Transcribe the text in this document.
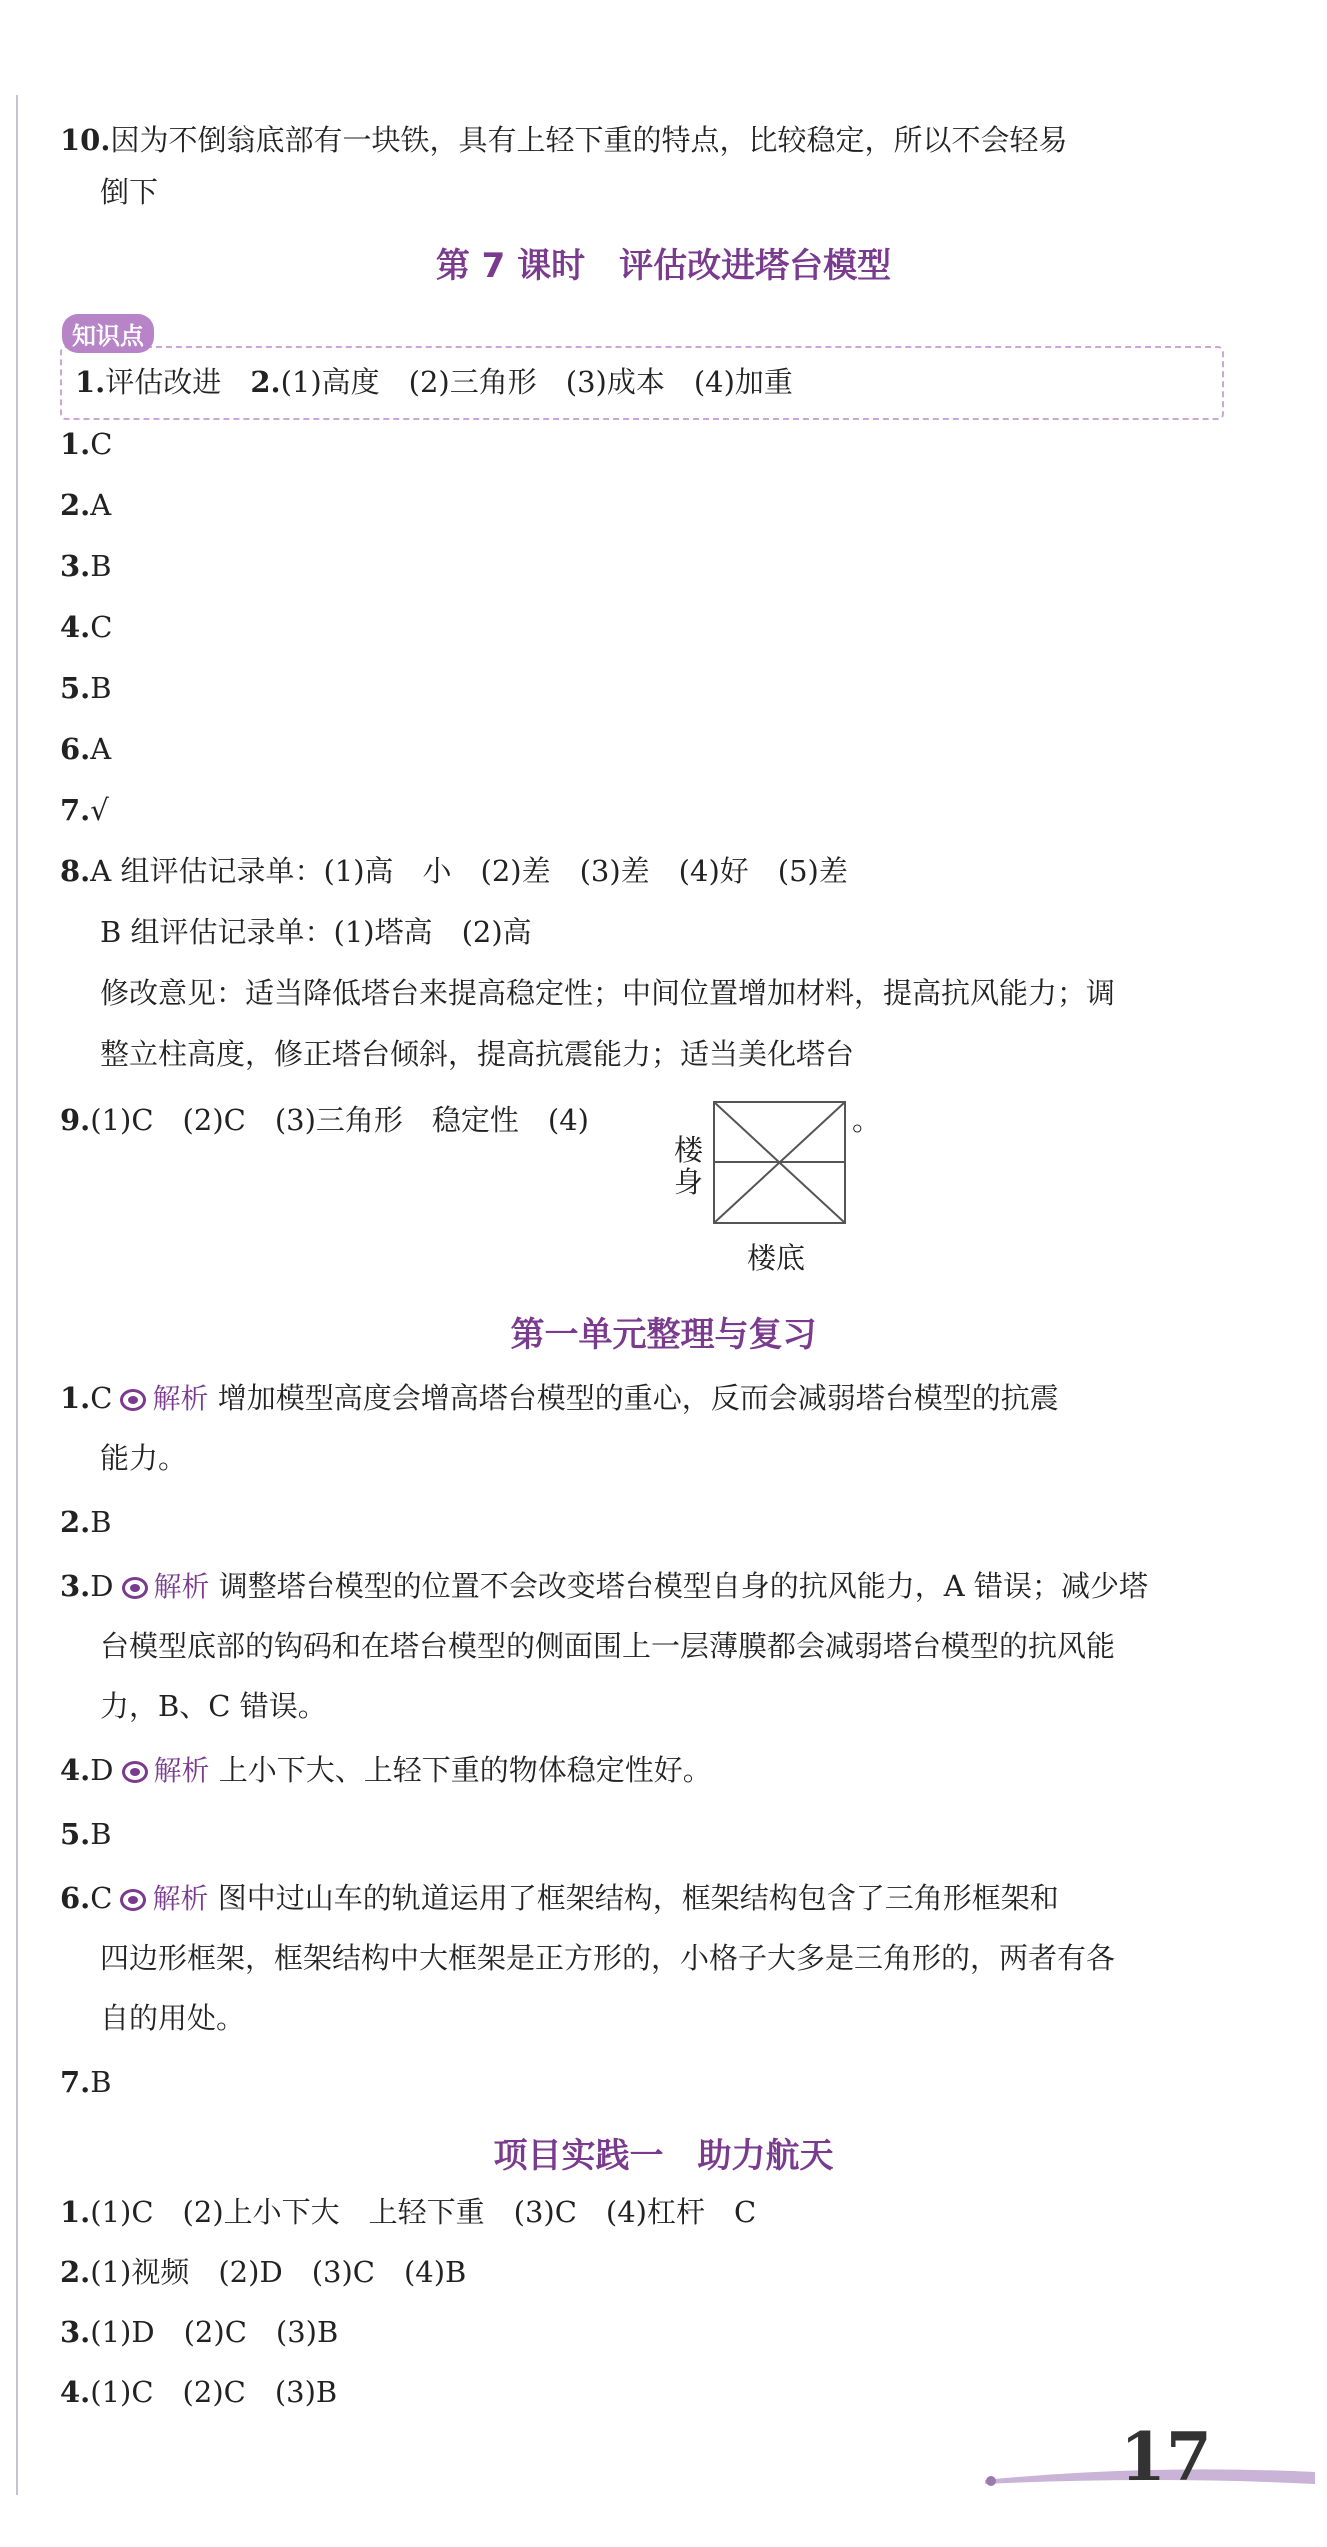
10.因为不倒翁底部有一块铁，具有上轻下重的特点，比较稳定，所以不会轻易
倒下
第 7 课时　评估改进塔台模型
知识点
1.评估改进　 2.(1)高度　(2)三角形　(3)成本　(4)加重
1.C
2.A
3.B
4.C
5.B
6.A
7.√
8.A 组评估记录单：(1)高　小　(2)差　(3)差　(4)好　(5)差
B 组评估记录单：(1)塔高　(2)高
修改意见：适当降低塔台来提高稳定性；中间位置增加材料，提高抗风能力；调
整立柱高度，修正塔台倾斜，提高抗震能力；适当美化塔台
9.(1)C　(2)C　(3)三角形　稳定性　(4)	。
楼
身
楼底
第一单元整理与复习
1.C 解析 增加模型高度会增高塔台模型的重心，反而会减弱塔台模型的抗震
能力。
2.B
3.D 解析 调整塔台模型的位置不会改变塔台模型自身的抗风能力，A 错误；减少塔
台模型底部的钩码和在塔台模型的侧面围上一层薄膜都会减弱塔台模型的抗风能
力，B、C 错误。
4.D 解析 上小下大、上轻下重的物体稳定性好。
5.B
6.C 解析 图中过山车的轨道运用了框架结构，框架结构包含了三角形框架和
四边形框架，框架结构中大框架是正方形的，小格子大多是三角形的，两者有各
自的用处。
7.B
项目实践一　助力航天
1.(1)C　(2)上小下大　上轻下重　(3)C　(4)杠杆　C
2.(1)视频　(2)D　(3)C　(4)B
3.(1)D　(2)C　(3)B
4.(1)C　(2)C　(3)B
17
